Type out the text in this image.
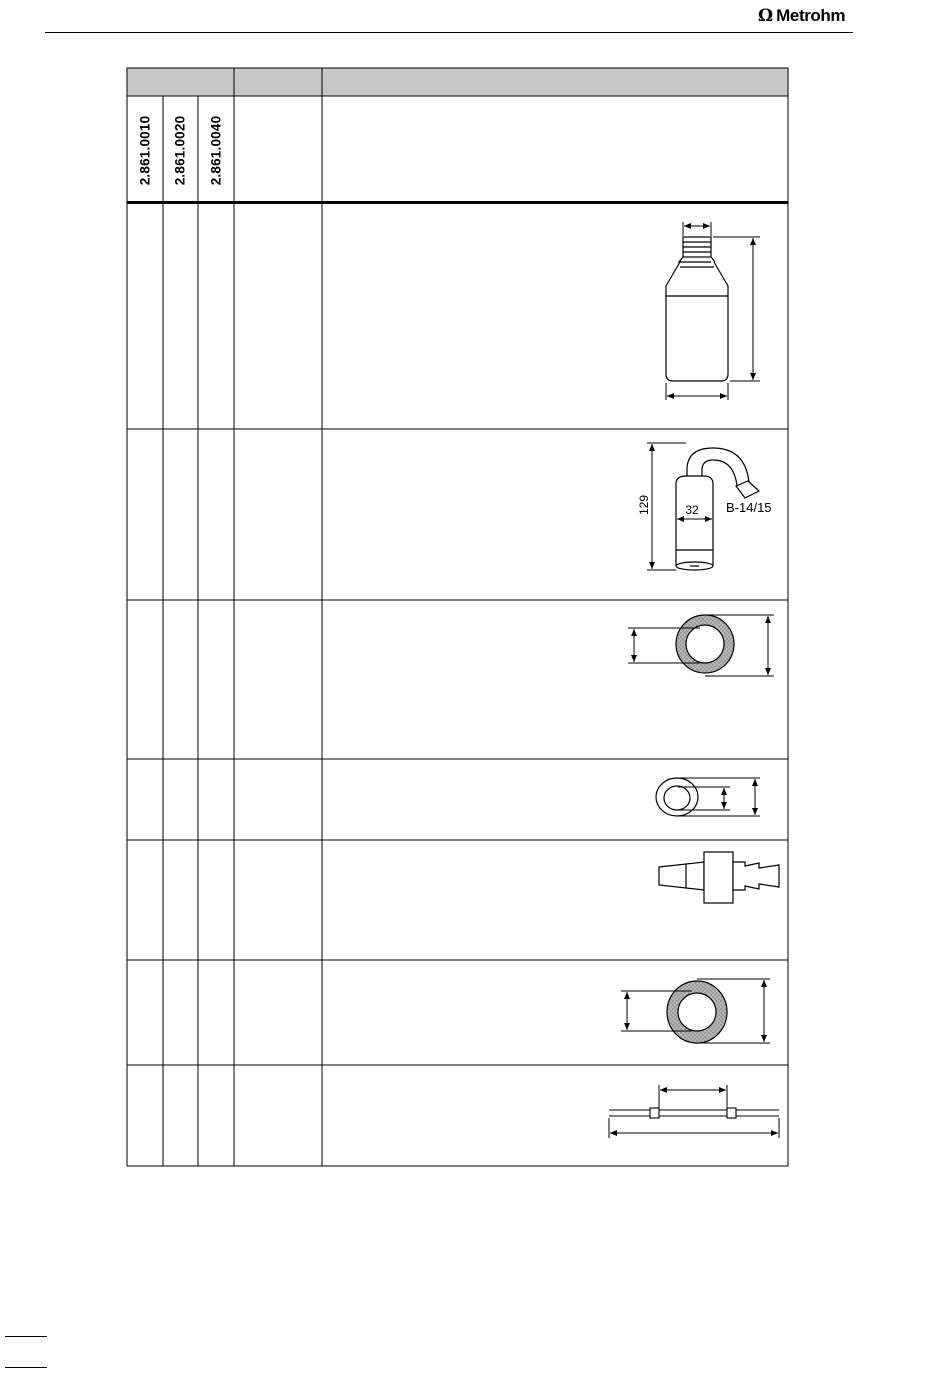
Ω Metrohm
129	32 B-14/15
2.861.0010 2.861.0020 2.861.0040
